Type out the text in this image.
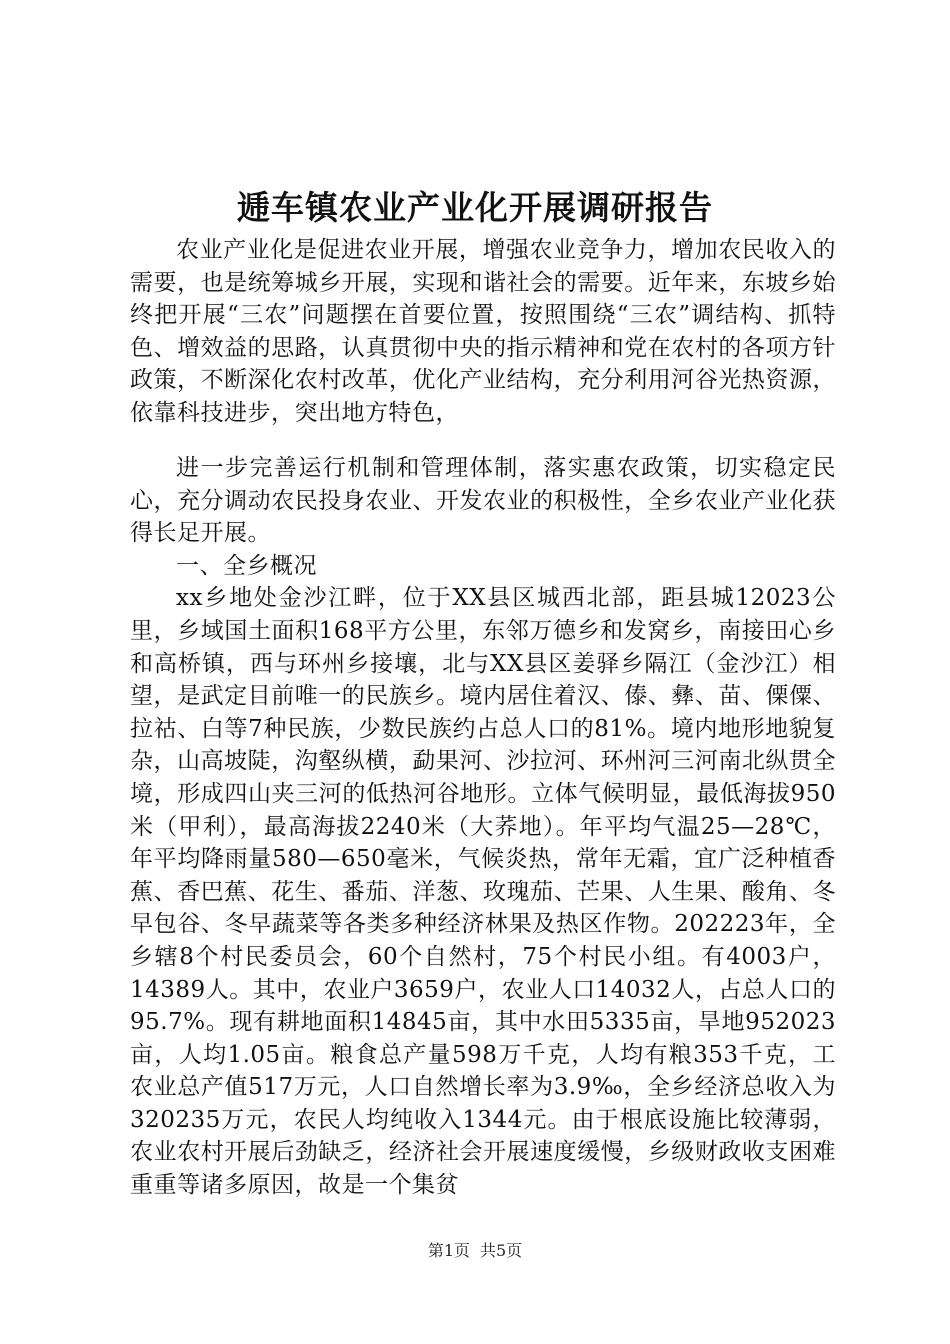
逓车镇农业产业化开展调研报告

农业产业化是促进农业开展，增强农业竞争力，增加农民收入的需要，也是统筹城乡开展，实现和谐社会的需要。近年来，东坡乡始终把开展“三农”问题摆在首要位置，按照围绕“三农”调结构、抓特色、增效益的思路，认真贯彻中央的指示精神和党在农村的各项方针政策，不断深化农村改革，优化产业结构，充分利用河谷光热资源，依靠科技进步，突出地方特色，

进一步完善运行机制和管理体制，落实惠农政策，切实稳定民心，充分调动农民投身农业、开发农业的积极性，全乡农业产业化获得长足开展。

一、全乡概况

xx乡地处金沙江畔，位于XX县区城西北部，距县城12023公里，乡域国土面积168平方公里，东邻万德乡和发窝乡，南接田心乡和高桥镇，西与环州乡接壤，北与XX县区姜驿乡隔江（金沙江）相望，是武定目前唯一的民族乡。境内居住着汉、傣、彝、苗、傈僳、拉祜、白等7种民族，少数民族约占总人口的81%。境内地形地貌复杂，山高坡陡，沟壑纵横，勐果河、沙拉河、环州河三河南北纵贯全境，形成四山夹三河的低热河谷地形。立体气候明显，最低海拔950米（甲利），最高海拔2240米（大荞地）。年平均气温25—28℃，年平均降雨量580—650毫米，气候炎热，常年无霜，宜广泛种植香蕉、香巴蕉、花生、番茄、洋葱、玫瑰茄、芒果、人生果、酸角、冬早包谷、冬早蔬菜等各类多种经济林果及热区作物。202223年，全乡辖8个村民委员会，60个自然村，75个村民小组。有4003户，14389人。其中，农业户3659户，农业人口14032人，占总人口的95.7%。现有耕地面积14845亩，其中水田5335亩，旱地952023亩，人均1.05亩。粮食总产量598万千克，人均有粮353千克，工农业总产值517万元，人口自然增长率为3.9‰，全乡经济总收入为320235万元，农民人均纯收入1344元。由于根底设施比较薄弱，农业农村开展后劲缺乏，经济社会开展速度缓慢，乡级财政收支困难重重等诸多原因，故是一个集贫

第1页 共5页
